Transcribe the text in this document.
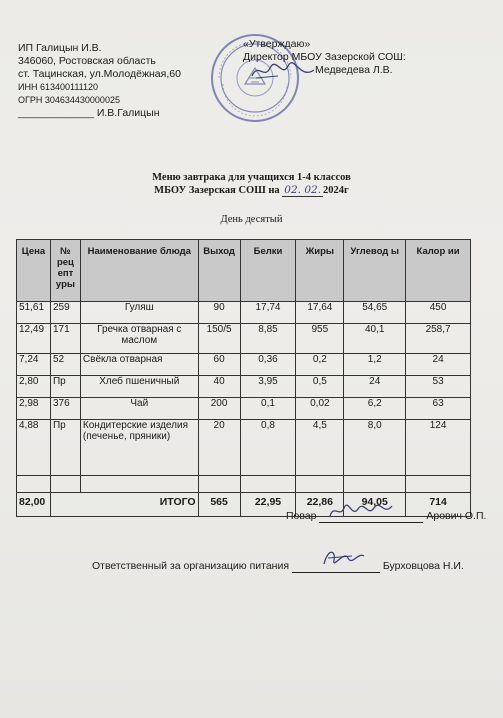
ИП Галицын И.В.
346060, Ростовская область
ст. Тацинская, ул.Молодёжная,60
ИНН 613400111120
ОГРН 304634430000025
_____________ И.В.Галицын
«Утверждаю»
Директор МБОУ Зазерской СОШ:
Медведева Л.В.
Меню завтрака для учащихся 1-4 классов
МБОУ Зазерская СОШ на 02. 02. 2024г
День десятый
Цена	№ рец епт уры	Наименование блюда	Выход	Белки	Жиры	Углевод ы	Калор ии
51,61	259	Гуляш	90	17,74	17,64	54,65	450
12,49	171	Гречка отварная с маслом	150/5	8,85	955	40,1	258,7
7,24	52	Свёкла отварная	60	0,36	0,2	1,2	24
2,80	Пр	Хлеб пшеничный	40	3,95	0,5	24	53
2,98	376	Чай	200	0,1	0,02	6,2	63
4,88	Пр	Кондитерские изделия (печенье, пряники)	20	0,8	4,5	8,0	124

82,00	ИТОГО		565	22,95	22,86	94,05	714
Повар	Арович О.П.
Ответственный за организацию питания	Бурховцова Н.И.
